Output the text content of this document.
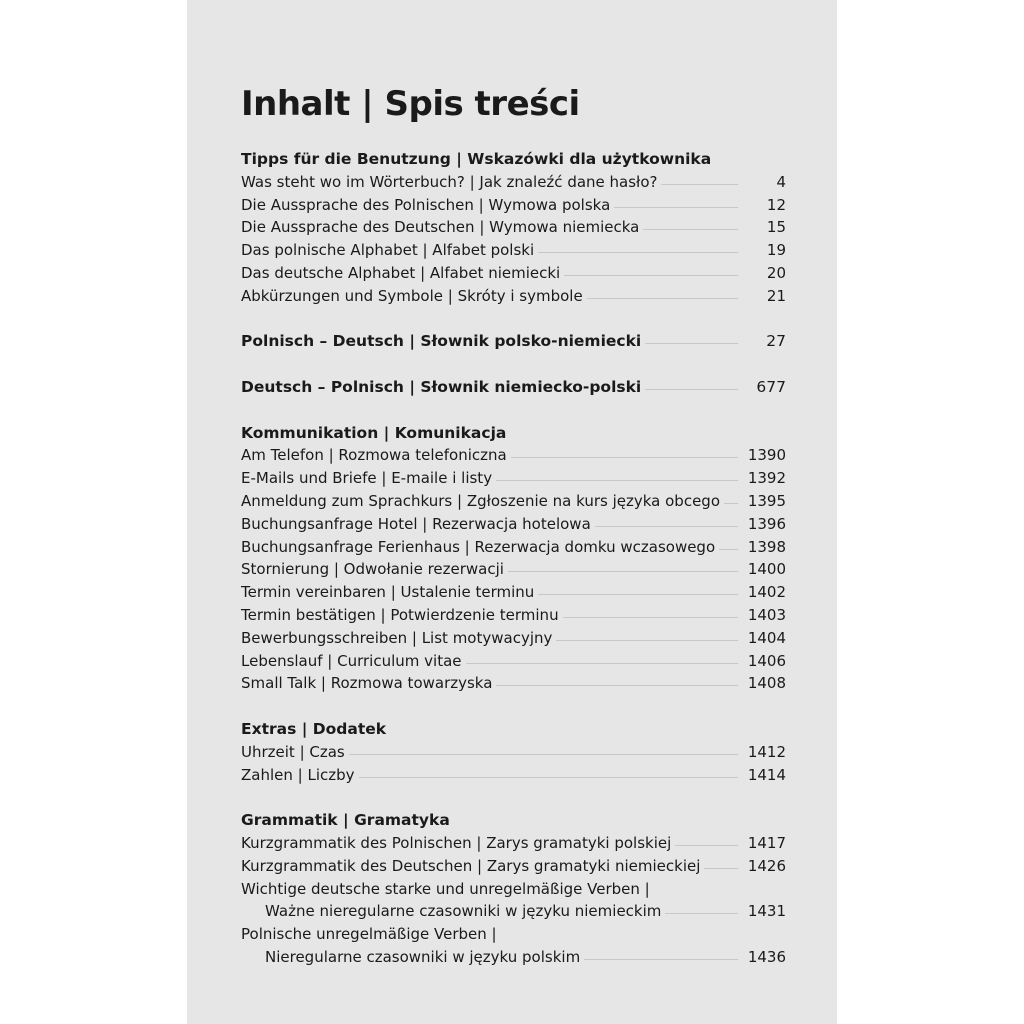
Inhalt | Spis treści
Tipps für die Benutzung | Wskazówki dla użytkownika
Was steht wo im Wörterbuch? | Jak znaleźć dane hasło?	4
Die Aussprache des Polnischen | Wymowa polska	12
Die Aussprache des Deutschen | Wymowa niemiecka	15
Das polnische Alphabet | Alfabet polski	19
Das deutsche Alphabet | Alfabet niemiecki	20
Abkürzungen und Symbole | Skróty i symbole	21
Polnisch – Deutsch | Słownik polsko-niemiecki	27
Deutsch – Polnisch | Słownik niemiecko-polski	677
Kommunikation | Komunikacja
Am Telefon | Rozmowa telefoniczna	1390
E-Mails und Briefe | E-maile i listy	1392
Anmeldung zum Sprachkurs | Zgłoszenie na kurs języka obcego 1395
Buchungsanfrage Hotel | Rezerwacja hotelowa	1396
Buchungsanfrage Ferienhaus | Rezerwacja domku wczasowego 1398
Stornierung | Odwołanie rezerwacji	1400
Termin vereinbaren | Ustalenie terminu	1402
Termin bestätigen | Potwierdzenie terminu	1403
Bewerbungsschreiben | List motywacyjny	1404
Lebenslauf | Curriculum vitae	1406
Small Talk | Rozmowa towarzyska	1408
Extras | Dodatek
Uhrzeit | Czas	1412
Zahlen | Liczby	1414
Grammatik | Gramatyka
Kurzgrammatik des Polnischen | Zarys gramatyki polskiej	1417
Kurzgrammatik des Deutschen | Zarys gramatyki niemieckiej	1426
Wichtige deutsche starke und unregelmäßige Verben |
Ważne nieregularne czasowniki w języku niemieckim	1431
Polnische unregelmäßige Verben |
Nieregularne czasowniki w języku polskim	1436
